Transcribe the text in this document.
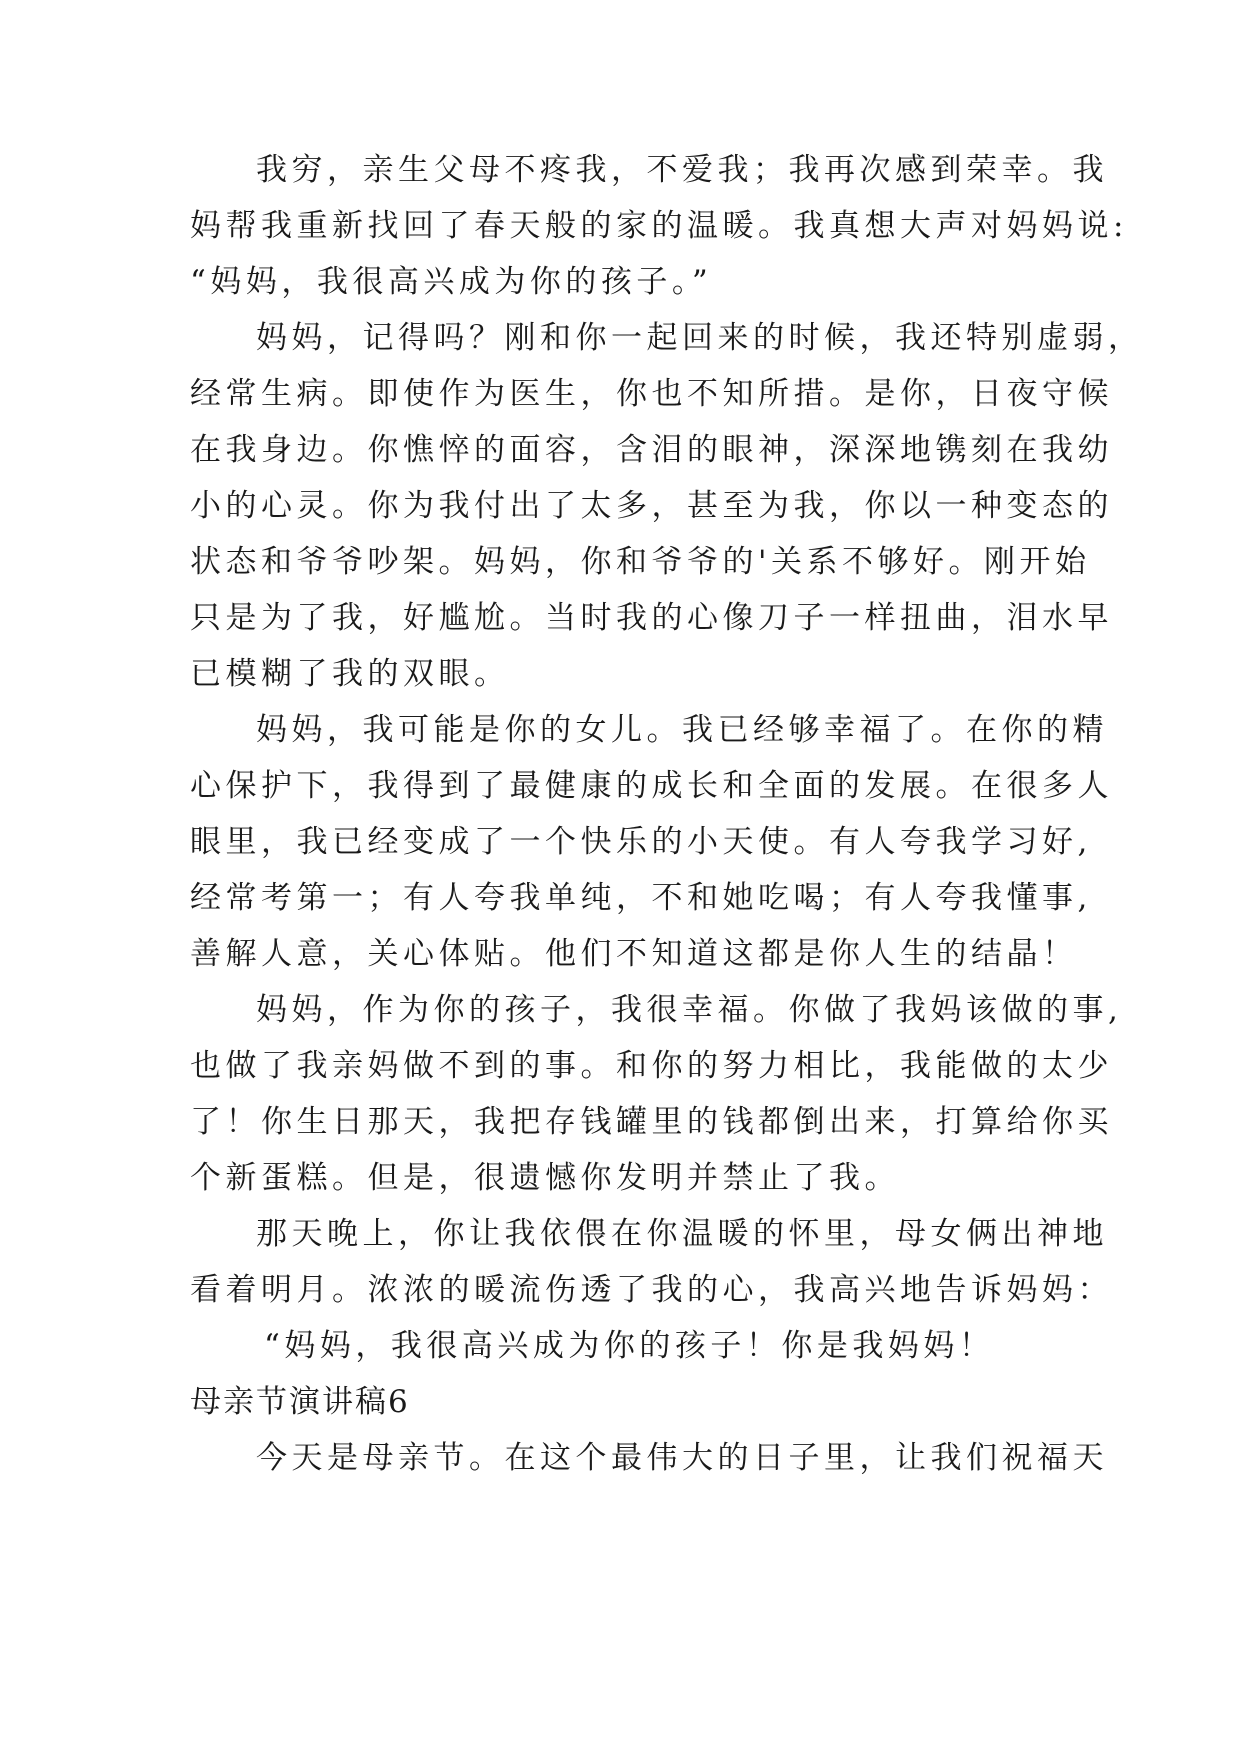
我穷，亲生父母不疼我，不爱我；我再次感到荣幸。我
妈帮我重新找回了春天般的家的温暖。我真想大声对妈妈说:
“妈妈，我很高兴成为你的孩子。”
妈妈，记得吗？刚和你一起回来的时候，我还特别虚弱，
经常生病。即使作为医生，你也不知所措。是你，日夜守候
在我身边。你憔悴的面容，含泪的眼神，深深地镌刻在我幼
小的心灵。你为我付出了太多，甚至为我，你以一种变态的
状态和爷爷吵架。妈妈，你和爷爷的'关系不够好。刚开始
只是为了我，好尴尬。当时我的心像刀子一样扭曲，泪水早
已模糊了我的双眼。
妈妈，我可能是你的女儿。我已经够幸福了。在你的精
心保护下，我得到了最健康的成长和全面的发展。在很多人
眼里，我已经变成了一个快乐的小天使。有人夸我学习好,
经常考第一；有人夸我单纯，不和她吃喝；有人夸我懂事,
善解人意，关心体贴。他们不知道这都是你人生的结晶！
妈妈，作为你的孩子，我很幸福。你做了我妈该做的事,
也做了我亲妈做不到的事。和你的努力相比，我能做的太少
了！你生日那天，我把存钱罐里的钱都倒出来，打算给你买
个新蛋糕。但是，很遗憾你发明并禁止了我。
那天晚上，你让我依偎在你温暖的怀里，母女俩出神地
看着明月。浓浓的暖流伤透了我的心，我高兴地告诉妈妈：
“妈妈，我很高兴成为你的孩子！你是我妈妈！
母亲节演讲稿6
今天是母亲节。在这个最伟大的日子里，让我们祝福天
